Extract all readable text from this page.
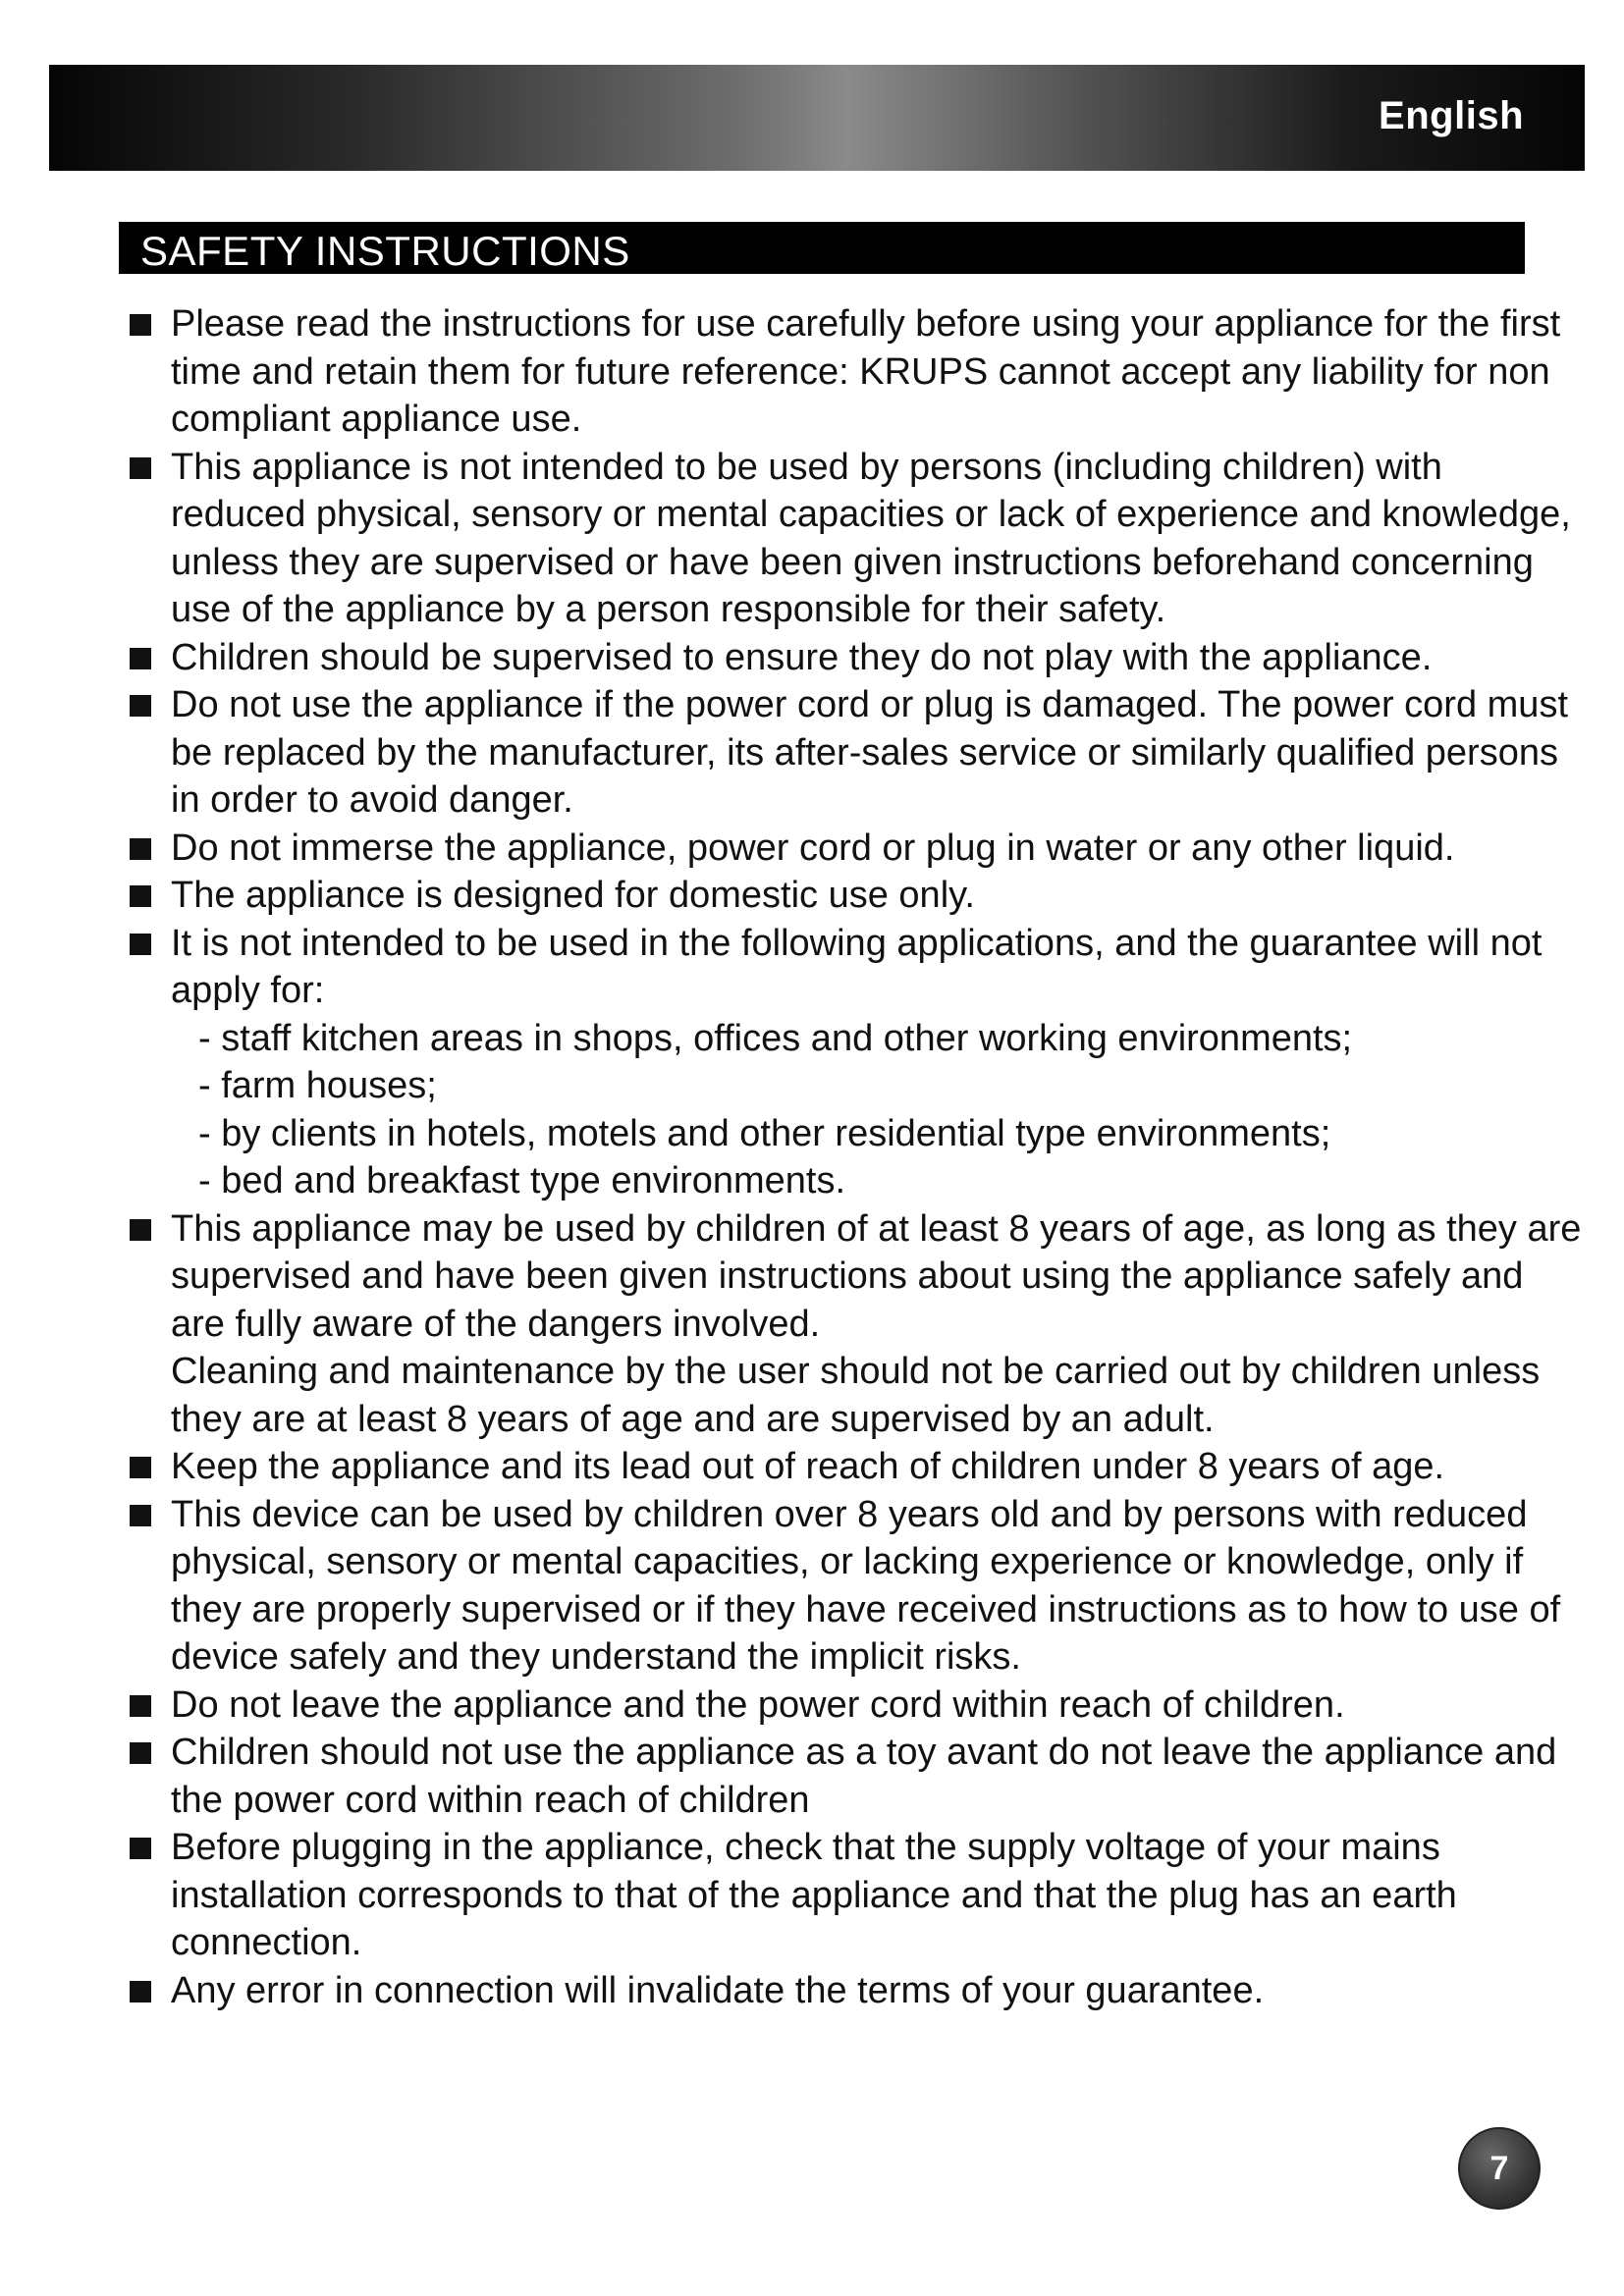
English
SAFETY INSTRUCTIONS
Please read the instructions for use carefully before using your appliance for the first time and retain them for future reference: KRUPS cannot accept any liability for non compliant appliance use.
This appliance is not intended to be used by persons (including children) with reduced physical, sensory or mental capacities or lack of experience and knowledge, unless they are supervised or have been given instructions beforehand concerning use of the appliance by a person responsible for their safety.
Children should be supervised to ensure they do not play with the appliance.
Do not use the appliance if the power cord or plug is damaged. The power cord must be replaced by the manufacturer, its after-sales service or similarly qualified persons in order to avoid danger.
Do not immerse the appliance, power cord or plug in water or any other liquid.
The appliance is designed for domestic use only.
It is not intended to be used in the following applications, and the guarantee will not apply for:
- staff kitchen areas in shops, offices and other working environments;
- farm houses;
- by clients in hotels, motels and other residential type environments;
- bed and breakfast type environments.
This appliance may be used by children of at least 8 years of age, as long as they are supervised and have been given instructions about using the appliance safely and are fully aware of the dangers involved.
Cleaning and maintenance by the user should not be carried out by children unless they are at least 8 years of age and are supervised by an adult.
Keep the appliance and its lead out of reach of children under 8 years of age.
This device can be used by children over 8 years old and by persons with reduced physical, sensory or mental capacities, or lacking experience or knowledge, only if they are properly supervised or if they have received instructions as to how to use of device safely and they understand the implicit risks.
Do not leave the appliance and the power cord within reach of children.
Children should not use the appliance as a toy avant do not leave the appliance and the power cord within reach of children
Before plugging in the appliance, check that the supply voltage of your mains installation corresponds to that of the appliance and that the plug has an earth connection.
Any error in connection will invalidate the terms of your guarantee.
7
